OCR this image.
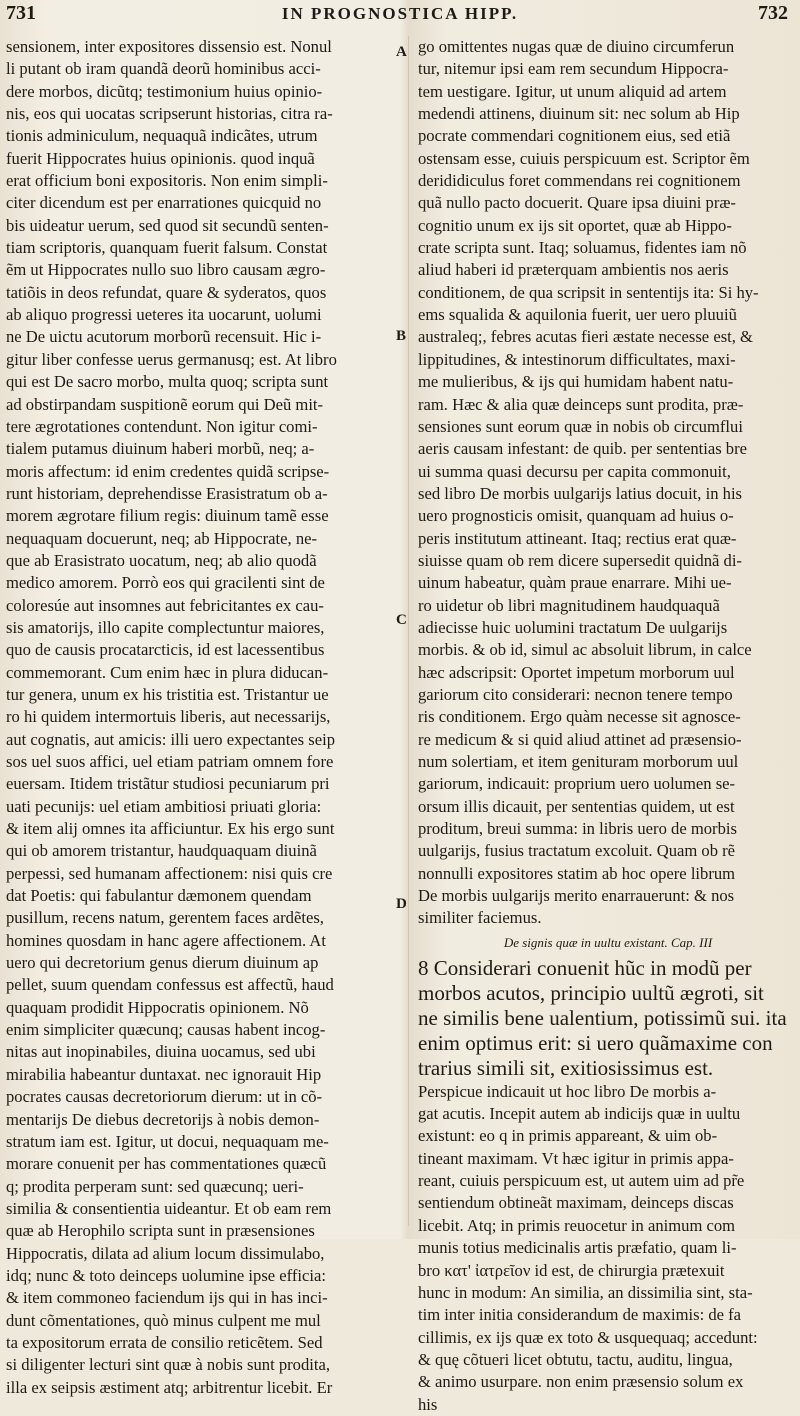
731	IN PROGNOSTICA HIPP.	732
A
B
C
D
sensionem, inter expositores dissensio est. Nonul
li putant ob iram quandã deorũ hominibus acci-
dere morbos, dicũtq; testimonium huius opinio-
nis, eos qui uocatas scripserunt historias, citra ra-
tionis adminiculum, nequaquã indicãtes, utrum
fuerit Hippocrates huius opinionis. quod inquã
erat officium boni expositoris. Non enim simpli-
citer dicendum est per enarrationes quicquid no
bis uideatur uerum, sed quod sit secundũ senten-
tiam scriptoris, quanquam fuerit falsum. Constat
ẽm ut Hippocrates nullo suo libro causam ægro-
tatiõis in deos refundat, quare & syderatos, quos
ab aliquo progressi ueteres ita uocarunt, uolumi
ne De uictu acutorum morborũ recensuit. Hic i-
gitur liber confesse uerus germanusq; est. At libro
qui est De sacro morbo, multa quoq; scripta sunt
ad obstirpandam suspitionẽ eorum qui Deũ mit-
tere ægrotationes contendunt. Non igitur comi-
tialem putamus diuinum haberi morbũ, neq; a-
moris affectum: id enim credentes quidã scripse-
runt historiam, deprehendisse Erasistratum ob a-
morem ægrotare filium regis: diuinum tamẽ esse
nequaquam docuerunt, neq; ab Hippocrate, ne-
que ab Erasistrato uocatum, neq; ab alio quodã
medico amorem. Porrò eos qui gracilenti sint de
coloresúe aut insomnes aut febricitantes ex cau-
sis amatorijs, illo capite complectuntur maiores,
quo de causis procatarcticis, id est lacessentibus
commemorant. Cum enim hæc in plura diducan-
tur genera, unum ex his tristitia est. Tristantur ue
ro hi quidem intermortuis liberis, aut necessarijs,
aut cognatis, aut amicis: illi uero expectantes seip
sos uel suos affici, uel etiam patriam omnem fore
euersam. Itidem tristãtur studiosi pecuniarum pri
uati pecunijs: uel etiam ambitiosi priuati gloria:
& item alij omnes ita afficiuntur. Ex his ergo sunt
qui ob amorem tristantur, haudquaquam diuinã
perpessi, sed humanam affectionem: nisi quis cre
dat Poetis: qui fabulantur dæmonem quendam
pusillum, recens natum, gerentem faces ardẽtes,
homines quosdam in hanc agere affectionem. At
uero qui decretorium genus dierum diuinum ap
pellet, suum quendam confessus est affectũ, haud
quaquam prodidit Hippocratis opinionem. Nõ
enim simpliciter quæcunq; causas habent incog-
nitas aut inopinabiles, diuina uocamus, sed ubi
mirabilia habeantur duntaxat. nec ignorauit Hip
pocrates causas decretoriorum dierum: ut in cõ-
mentarijs De diebus decretorijs à nobis demon-
stratum iam est. Igitur, ut docui, nequaquam me-
morare conuenit per has commentationes quæcũ
q; prodita perperam sunt: sed quæcunq; ueri-
similia & consentientia uideantur. Et ob eam rem
quæ ab Herophilo scripta sunt in præsensiones
Hippocratis, dilata ad alium locum dissimulabo,
idq; nunc & toto deinceps uolumine ipse efficia:
& item commoneo faciendum ijs qui in has inci-
dunt cõmentationes, quò minus culpent me mul
ta expositorum errata de consilio reticẽtem. Sed
si diligenter lecturi sint quæ à nobis sunt prodita,
illa ex seipsis æstiment atq; arbitrentur licebit. Er
go omittentes nugas quæ de diuino circumferun
tur, nitemur ipsi eam rem secundum Hippocra-
tem uestigare. Igitur, ut unum aliquid ad artem
medendi attinens, diuinum sit: nec solum ab Hip
pocrate commendari cognitionem eius, sed etiã
ostensam esse, cuiuis perspicuum est. Scriptor ẽm
derididiculus foret commendans rei cognitionem
quã nullo pacto docuerit. Quare ipsa diuini præ-
cognitio unum ex ijs sit oportet, quæ ab Hippo-
crate scripta sunt. Itaq; soluamus, fidentes iam nõ
aliud haberi id præterquam ambientis nos aeris
conditionem, de qua scripsit in sententijs ita: Si hy-
ems squalida & aquilonia fuerit, uer uero pluuiũ
australeq;, febres acutas fieri æstate necesse est, &
lippitudines, & intestinorum difficultates, maxi-
me mulieribus, & ijs qui humidam habent natu-
ram. Hæc & alia quæ deinceps sunt prodita, præ-
sensiones sunt eorum quæ in nobis ob circumflui
aeris causam infestant: de quib. per sententias bre
ui summa quasi decursu per capita commonuit,
sed libro De morbis uulgarijs latius docuit, in his
uero prognosticis omisit, quanquam ad huius o-
peris institutum attineant. Itaq; rectius erat quæ-
siuisse quam ob rem dicere supersedit quidnã di-
uinum habeatur, quàm praue enarrare. Mihi ue-
ro uidetur ob libri magnitudinem haudquaquã
adiecisse huic uolumini tractatum De uulgarijs
morbis. & ob id, simul ac absoluit librum, in calce
hæc adscripsit: Oportet impetum morborum uul
gariorum cito considerari: necnon tenere tempo
ris conditionem. Ergo quàm necesse sit agnosce-
re medicum & si quid aliud attinet ad præsensio-
num solertiam, et item genituram morborum uul
gariorum, indicauit: proprium uero uolumen se-
orsum illis dicauit, per sententias quidem, ut est
proditum, breui summa: in libris uero de morbis
uulgarijs, fusius tractatum excoluit. Quam ob rẽ
nonnulli expositores statim ab hoc opere librum
De morbis uulgarijs merito enarrauerunt: & nos
similiter faciemus.
De signis quæ in uultu existant. Cap. III
8 Considerari conuenit hũc in modũ per
morbos acutos, principio uultũ ægroti, sit
ne similis bene ualentium, potissimũ sui. ita
enim optimus erit: si uero quãmaxime con
trarius simili sit, exitiosissimus est.
Perspicue indicauit ut hoc libro De morbis a-
gat acutis. Incepit autem ab indicijs quæ in uultu
existunt: eo q in primis appareant, & uim ob-
tineant maximam. Vt hæc igitur in primis appa-
reant, cuiuis perspicuum est, ut autem uim ad pr̃e
sentiendum obtineãt maximam, deinceps discas
licebit. Atq; in primis reuocetur in animum com
munis totius medicinalis artis præfatio, quam li-
bro κατ' ἰατρεῖον id est, de chirurgia prætexuit
hunc in modum: An similia, an dissimilia sint, sta-
tim inter initia considerandum de maximis: de fa
cillimis, ex ijs quæ ex toto & usquequaq; accedunt:
& quę cõtueri licet obtutu, tactu, auditu, lingua,
& animo usurpare. non enim præsensio solum ex
his
